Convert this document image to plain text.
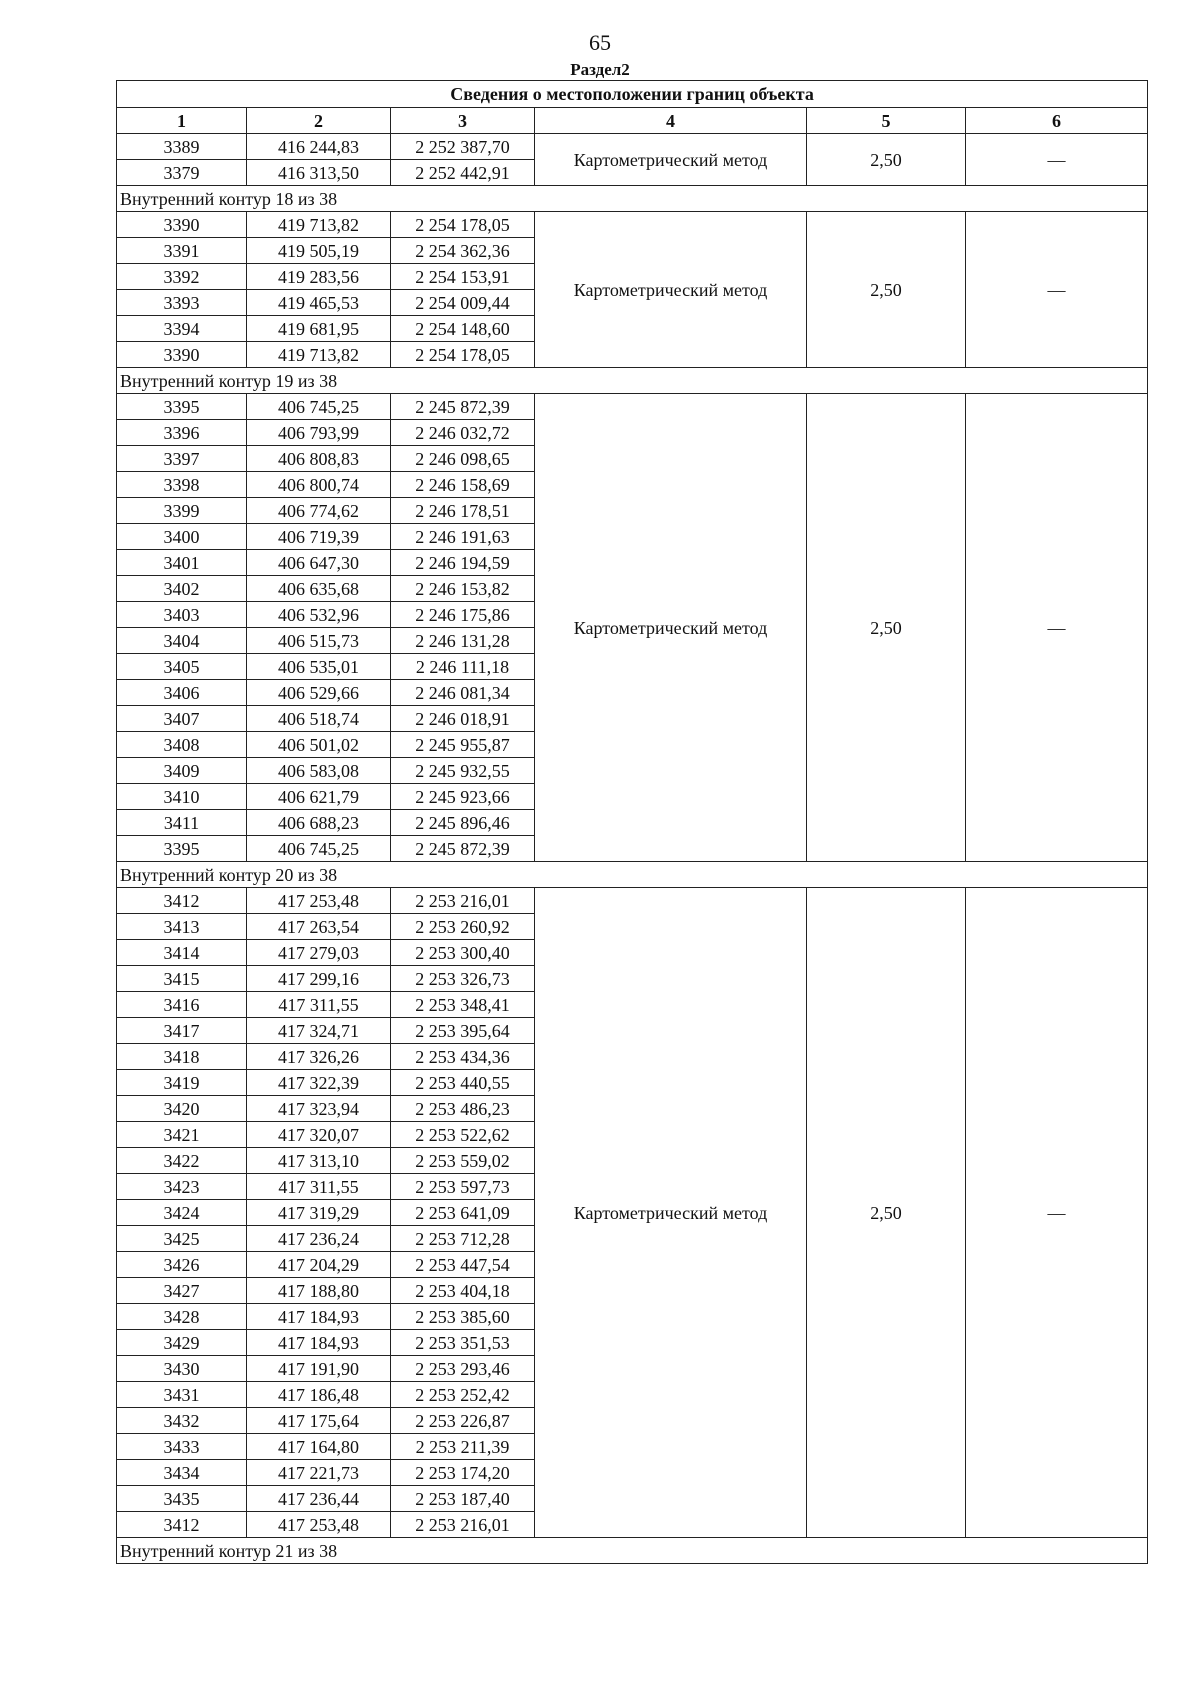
65
Раздел2
Сведения о местоположении границ объекта					
1	2	3	4	5	6
3389	416 244,83	2 252 387,70	Картометрический метод	2,50	—
3379	416 313,50	2 252 442,91			
Внутренний контур 18 из 38					
3390	419 713,82	2 254 178,05	Картометрический метод	2,50	—
3391	419 505,19	2 254 362,36			
3392	419 283,56	2 254 153,91			
3393	419 465,53	2 254 009,44			
3394	419 681,95	2 254 148,60			
3390	419 713,82	2 254 178,05			
Внутренний контур 19 из 38					
3395	406 745,25	2 245 872,39	Картометрический метод	2,50	—
3396	406 793,99	2 246 032,72			
3397	406 808,83	2 246 098,65			
3398	406 800,74	2 246 158,69			
3399	406 774,62	2 246 178,51			
3400	406 719,39	2 246 191,63			
3401	406 647,30	2 246 194,59			
3402	406 635,68	2 246 153,82			
3403	406 532,96	2 246 175,86			
3404	406 515,73	2 246 131,28			
3405	406 535,01	2 246 111,18			
3406	406 529,66	2 246 081,34			
3407	406 518,74	2 246 018,91			
3408	406 501,02	2 245 955,87			
3409	406 583,08	2 245 932,55			
3410	406 621,79	2 245 923,66			
3411	406 688,23	2 245 896,46			
3395	406 745,25	2 245 872,39			
Внутренний контур 20 из 38					
3412	417 253,48	2 253 216,01	Картометрический метод	2,50	—
3413	417 263,54	2 253 260,92			
3414	417 279,03	2 253 300,40			
3415	417 299,16	2 253 326,73			
3416	417 311,55	2 253 348,41			
3417	417 324,71	2 253 395,64			
3418	417 326,26	2 253 434,36			
3419	417 322,39	2 253 440,55			
3420	417 323,94	2 253 486,23			
3421	417 320,07	2 253 522,62			
3422	417 313,10	2 253 559,02			
3423	417 311,55	2 253 597,73			
3424	417 319,29	2 253 641,09			
3425	417 236,24	2 253 712,28			
3426	417 204,29	2 253 447,54			
3427	417 188,80	2 253 404,18			
3428	417 184,93	2 253 385,60			
3429	417 184,93	2 253 351,53			
3430	417 191,90	2 253 293,46			
3431	417 186,48	2 253 252,42			
3432	417 175,64	2 253 226,87			
3433	417 164,80	2 253 211,39			
3434	417 221,73	2 253 174,20			
3435	417 236,44	2 253 187,40			
3412	417 253,48	2 253 216,01			
Внутренний контур 21 из 38					
